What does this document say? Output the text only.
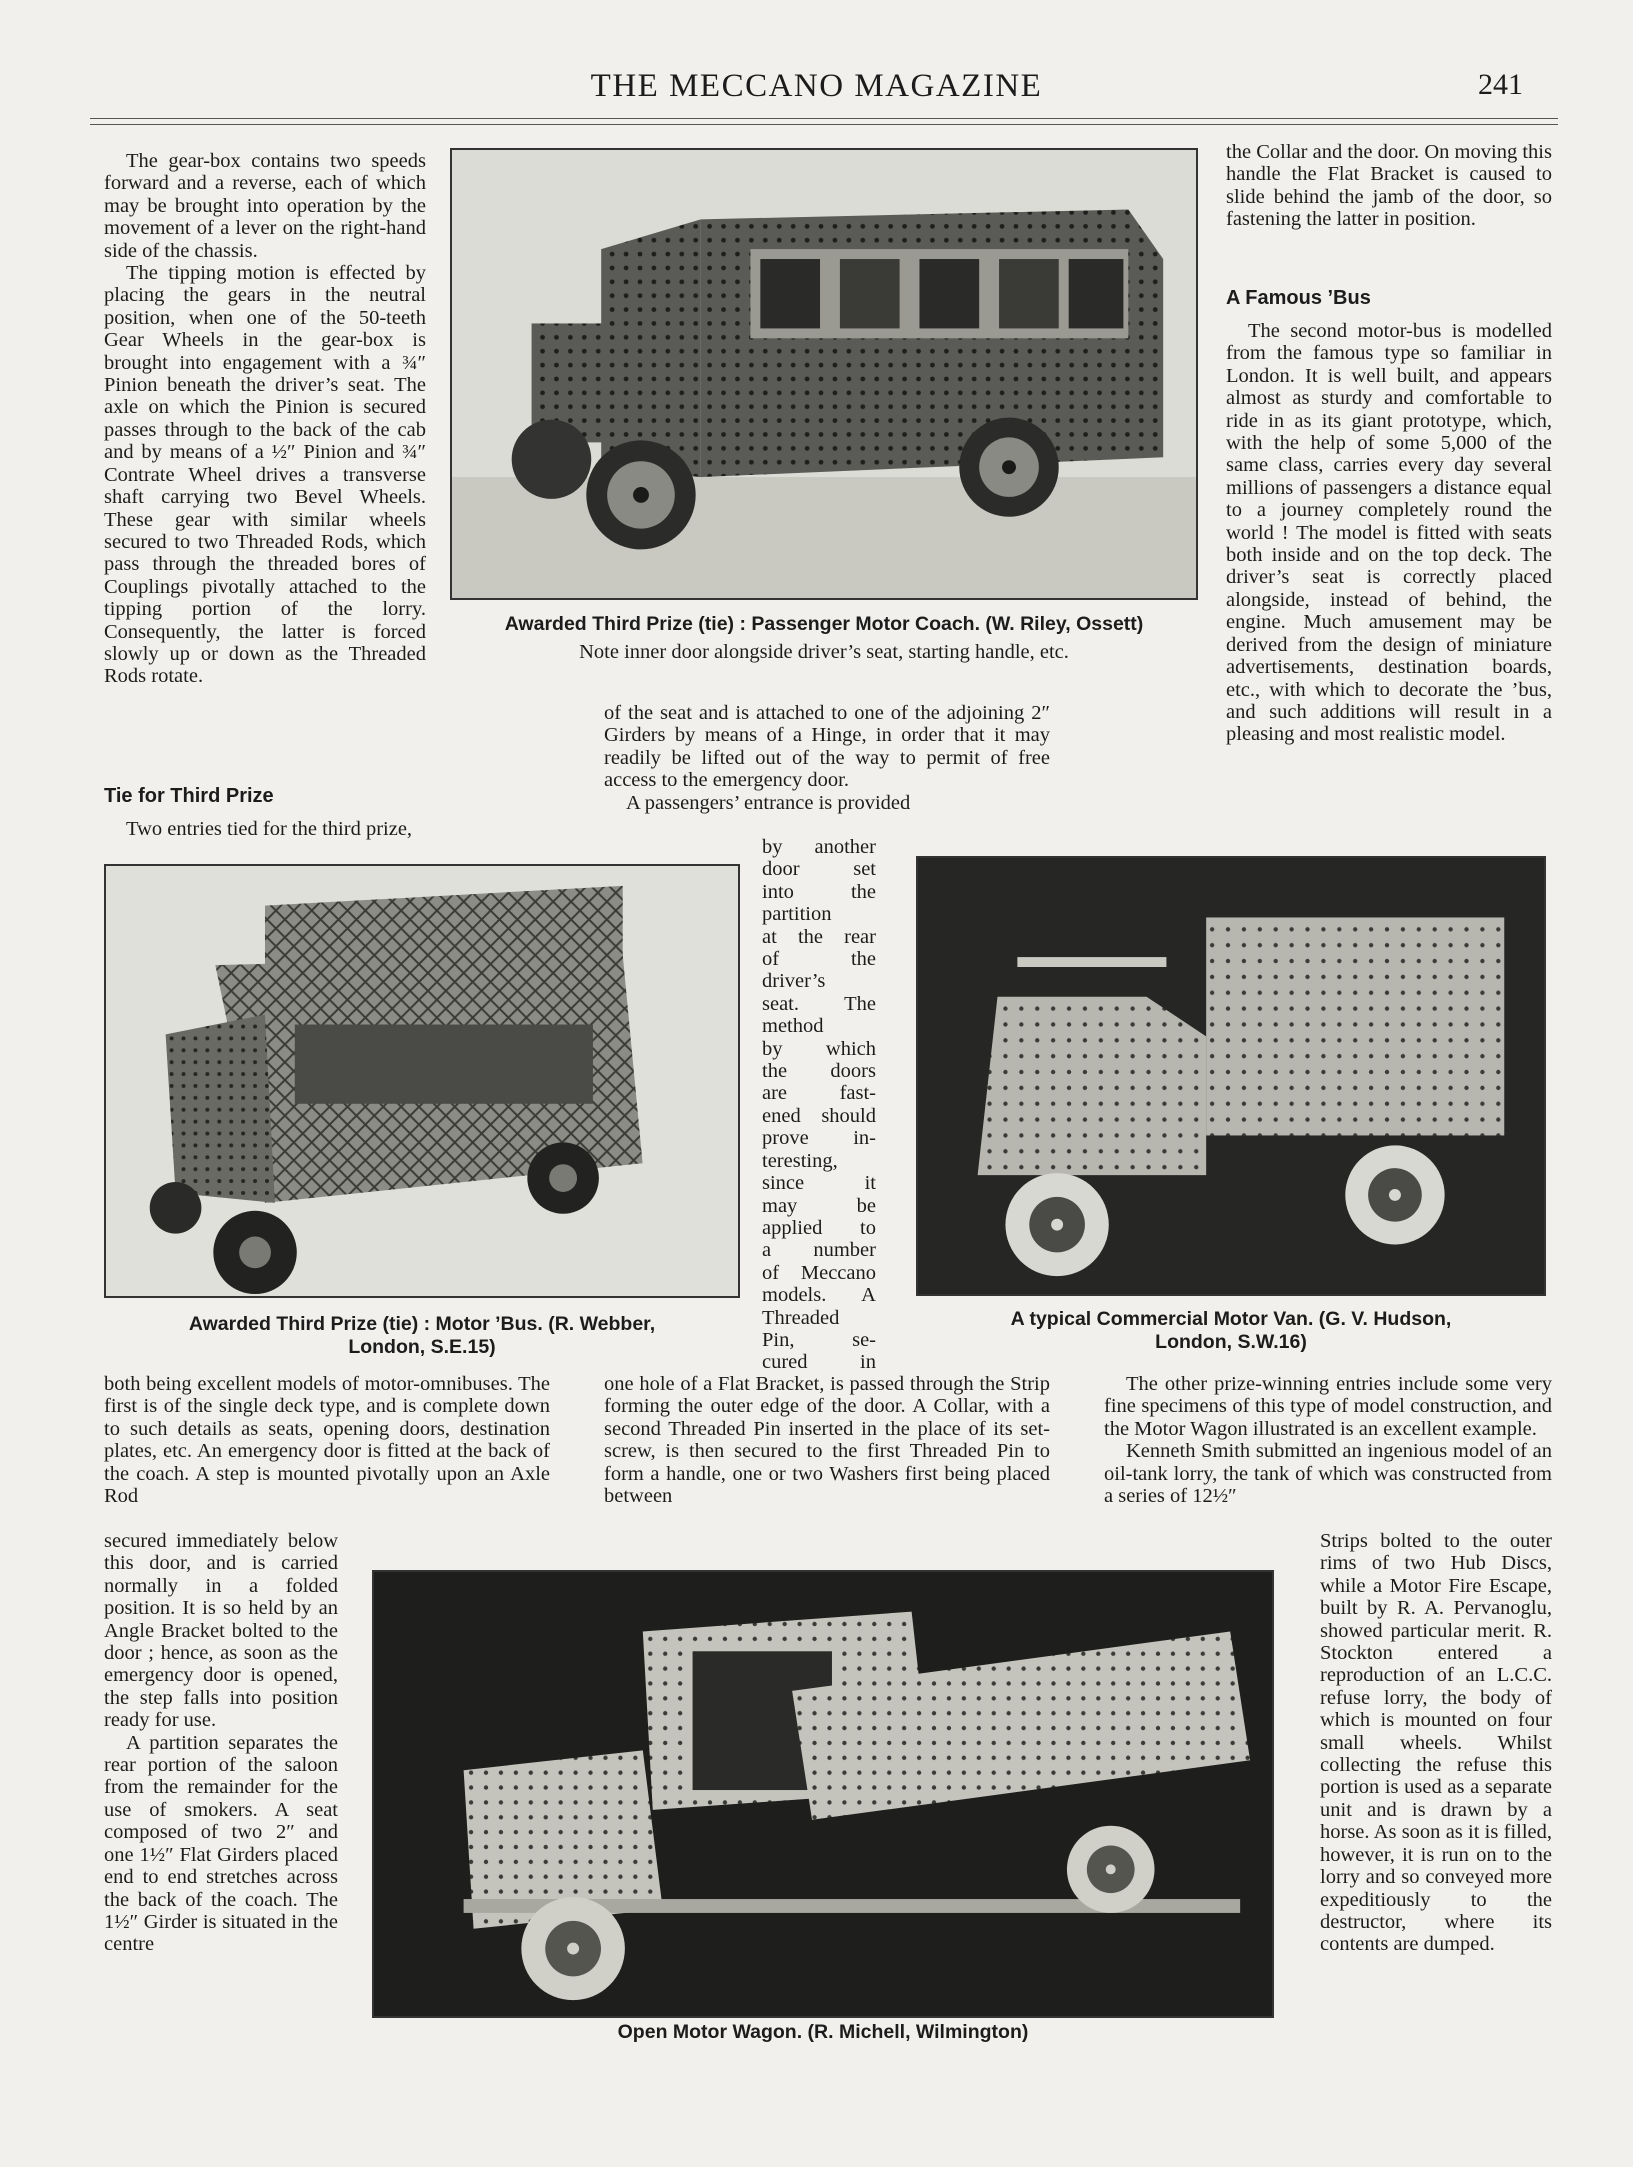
THE MECCANO MAGAZINE	241

The gear-box contains two speeds forward and a reverse, each of which may be brought into operation by the movement of a lever on the right-hand side of the chassis.

The tipping motion is effected by placing the gears in the neutral position, when one of the 50-teeth Gear Wheels in the gear-box is brought into engagement with a ¾″ Pinion beneath the driver’s seat. The axle on which the Pinion is secured passes through to the back of the cab and by means of a ½″ Pinion and ¾″ Contrate Wheel drives a transverse shaft carrying two Bevel Wheels. These gear with similar wheels secured to two Threaded Rods, which pass through the threaded bores of Couplings pivotally attached to the tipping portion of the lorry. Consequently, the latter is forced slowly up or down as the Threaded Rods rotate.

Tie for Third Prize

Two entries tied for the third prize,

Awarded Third Prize (tie) : Passenger Motor Coach. (W. Riley, Ossett)
Note inner door alongside driver’s seat, starting handle, etc.

the Collar and the door. On moving this handle the Flat Bracket is caused to slide behind the jamb of the door, so fastening the latter in position.

A Famous ’Bus

The second motor-bus is modelled from the famous type so familiar in London. It is well built, and appears almost as sturdy and comfortable to ride in as its giant prototype, which, with the help of some 5,000 of the same class, carries every day several millions of passengers a distance equal to a journey completely round the world ! The model is fitted with seats both inside and on the top deck. The driver’s seat is correctly placed alongside, instead of behind, the engine. Much amusement may be derived from the design of miniature advertisements, destination boards, etc., with which to decorate the ’bus, and such additions will result in a pleasing and most realistic model.

of the seat and is attached to one of the adjoining 2″ Girders by means of a Hinge, in order that it may readily be lifted out of the way to permit of free access to the emergency door.

A passengers’ entrance is provided

by another
door set
into the
partition
at the rear
of the
driver’s
seat. The
method
by which
the doors
are fast-
ened should
prove in-
teresting,
since it
may be
applied to
a number
of Meccano
models. A
Threaded
Pin, se-
cured in

one hole of a Flat Bracket, is passed through the Strip forming the outer edge of the door. A Collar, with a second Threaded Pin inserted in the place of its set-screw, is then secured to the first Threaded Pin to form a handle, one or two Washers first being placed between

Awarded Third Prize (tie) : Motor ’Bus. (R. Webber,
London, S.E.15)
A typical Commercial Motor Van. (G. V. Hudson,
London, S.W.16)

both being excellent models of motor-omnibuses. The first is of the single deck type, and is complete down to such details as seats, opening doors, destination plates, etc. An emergency door is fitted at the back of the coach. A step is mounted pivotally upon an Axle Rod

secured immediately below this door, and is carried normally in a folded position. It is so held by an Angle Bracket bolted to the door ; hence, as soon as the emergency door is opened, the step falls into position ready for use.

A partition separates the rear portion of the saloon from the remainder for the use of smokers. A seat composed of two 2″ and one 1½″ Flat Girders placed end to end stretches across the back of the coach. The 1½″ Girder is situated in the centre

Open Motor Wagon. (R. Michell, Wilmington)

The other prize-winning entries include some very fine specimens of this type of model construction, and the Motor Wagon illustrated is an excellent example.

Kenneth Smith submitted an ingenious model of an oil-tank lorry, the tank of which was constructed from a series of 12½″

Strips bolted to the outer rims of two Hub Discs, while a Motor Fire Escape, built by R. A. Pervanoglu, showed particular merit. R. Stockton entered a reproduction of an L.C.C. refuse lorry, the body of which is mounted on four small wheels. Whilst collecting the refuse this portion is used as a separate unit and is drawn by a horse. As soon as it is filled, however, it is run on to the lorry and so conveyed more expeditiously to the destructor, where its contents are dumped.
